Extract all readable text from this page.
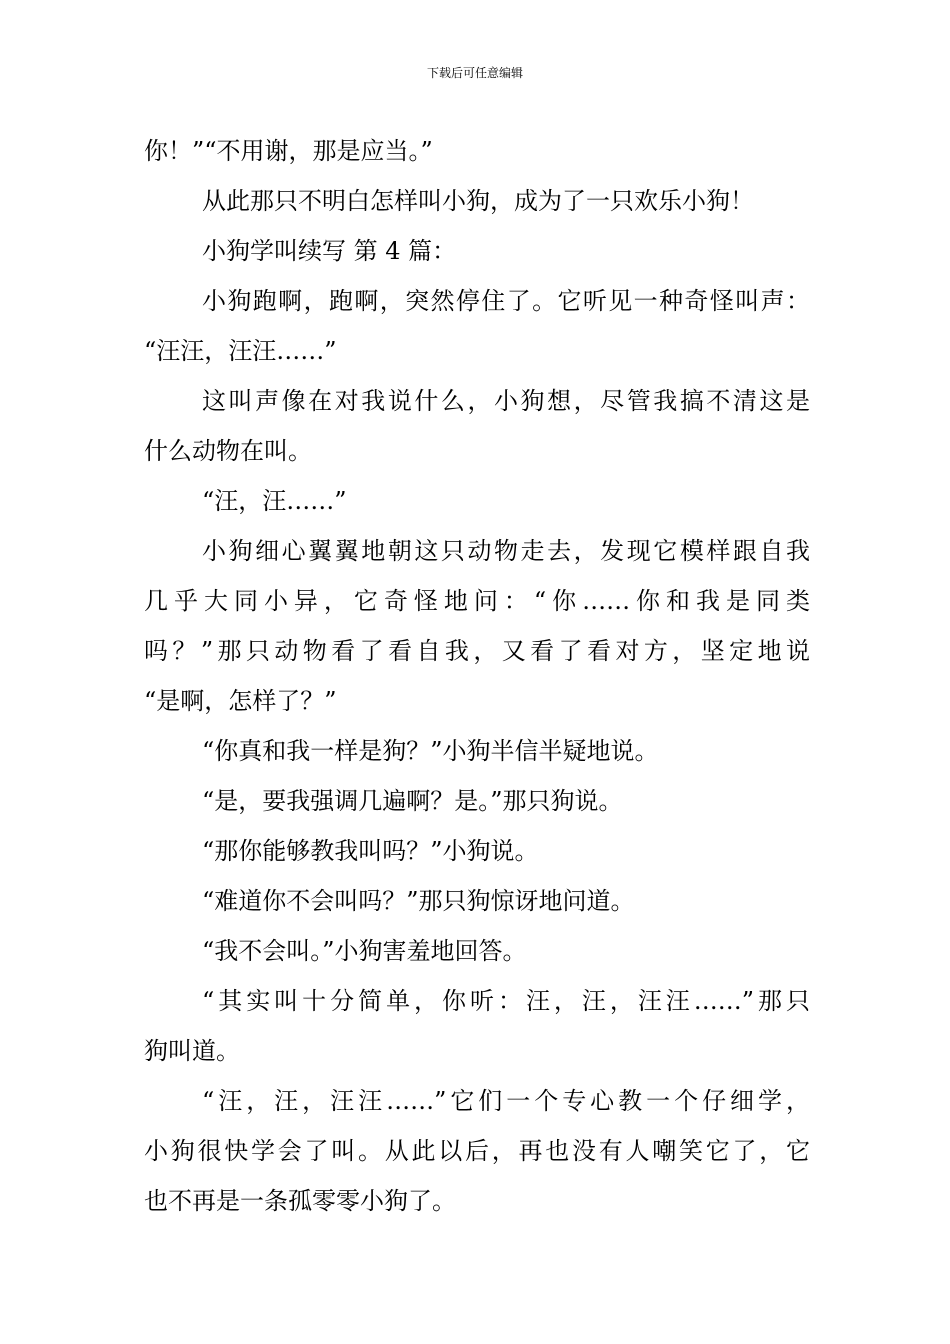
下载后可任意编辑
你！”“不用谢，那是应当。”
从此那只不明白怎样叫小狗，成为了一只欢乐小狗！
小狗学叫续写 第 4 篇：
小狗跑啊，跑啊，突然停住了。它听见一种奇怪叫声：
“汪汪，汪汪……”
这叫声像在对我说什么，小狗想，尽管我搞不清这是
什么动物在叫。
“汪，汪……”
小狗细心翼翼地朝这只动物走去，发现它模样跟自我
几乎大同小异，它奇怪地问：“你……你和我是同类
吗？”那只动物看了看自我，又看了看对方，坚定地说
“是啊，怎样了？”
“你真和我一样是狗？”小狗半信半疑地说。
“是，要我强调几遍啊？是。”那只狗说。
“那你能够教我叫吗？”小狗说。
“难道你不会叫吗？”那只狗惊讶地问道。
“我不会叫。”小狗害羞地回答。
“其实叫十分简单，你听：汪，汪，汪汪……”那只
狗叫道。
“汪，汪，汪汪……”它们一个专心教一个仔细学，
小狗很快学会了叫。从此以后，再也没有人嘲笑它了，它
也不再是一条孤零零小狗了。
